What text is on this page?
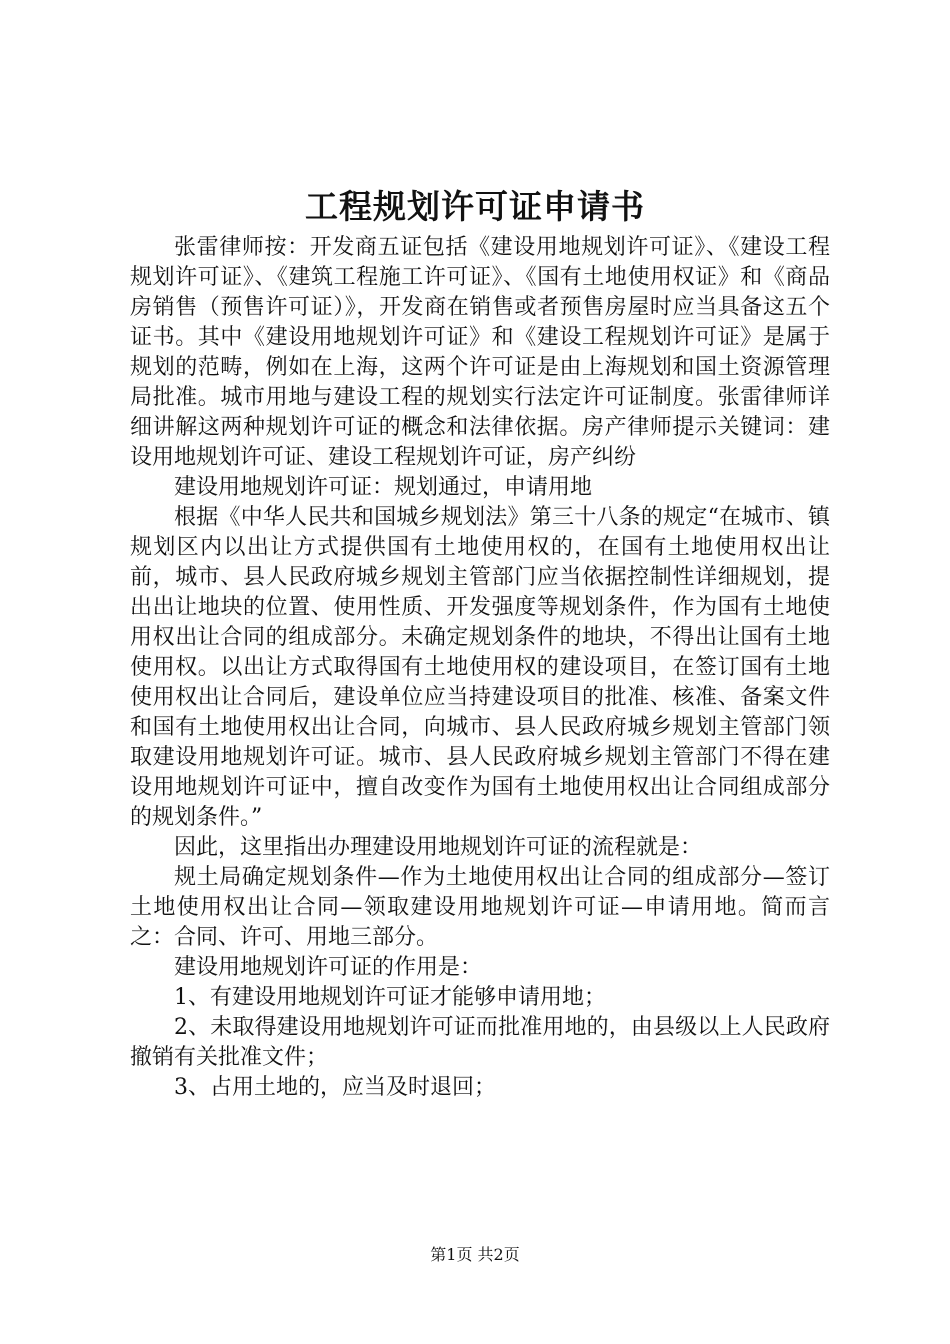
工程规划许可证申请书

张雷律师按：开发商五证包括《建设用地规划许可证》、《建设工程规划许可证》、《建筑工程施工许可证》、《国有土地使用权证》和《商品房销售（预售许可证）》，开发商在销售或者预售房屋时应当具备这五个证书。其中《建设用地规划许可证》和《建设工程规划许可证》是属于规划的范畴，例如在上海，这两个许可证是由上海规划和国土资源管理局批准。城市用地与建设工程的规划实行法定许可证制度。张雷律师详细讲解这两种规划许可证的概念和法律依据。房产律师提示关键词：建设用地规划许可证、建设工程规划许可证，房产纠纷

建设用地规划许可证：规划通过，申请用地

根据《中华人民共和国城乡规划法》第三十八条的规定“在城市、镇规划区内以出让方式提供国有土地使用权的，在国有土地使用权出让前，城市、县人民政府城乡规划主管部门应当依据控制性详细规划，提出出让地块的位置、使用性质、开发强度等规划条件，作为国有土地使用权出让合同的组成部分。未确定规划条件的地块，不得出让国有土地使用权。以出让方式取得国有土地使用权的建设项目，在签订国有土地使用权出让合同后，建设单位应当持建设项目的批准、核准、备案文件和国有土地使用权出让合同，向城市、县人民政府城乡规划主管部门领取建设用地规划许可证。城市、县人民政府城乡规划主管部门不得在建设用地规划许可证中，擅自改变作为国有土地使用权出让合同组成部分的规划条件。”

因此，这里指出办理建设用地规划许可证的流程就是：

规土局确定规划条件—作为土地使用权出让合同的组成部分—签订土地使用权出让合同—领取建设用地规划许可证—申请用地。简而言之：合同、许可、用地三部分。

建设用地规划许可证的作用是：

1、有建设用地规划许可证才能够申请用地；

2、未取得建设用地规划许可证而批准用地的，由县级以上人民政府撤销有关批准文件；

3、占用土地的，应当及时退回；

第1页 共2页
